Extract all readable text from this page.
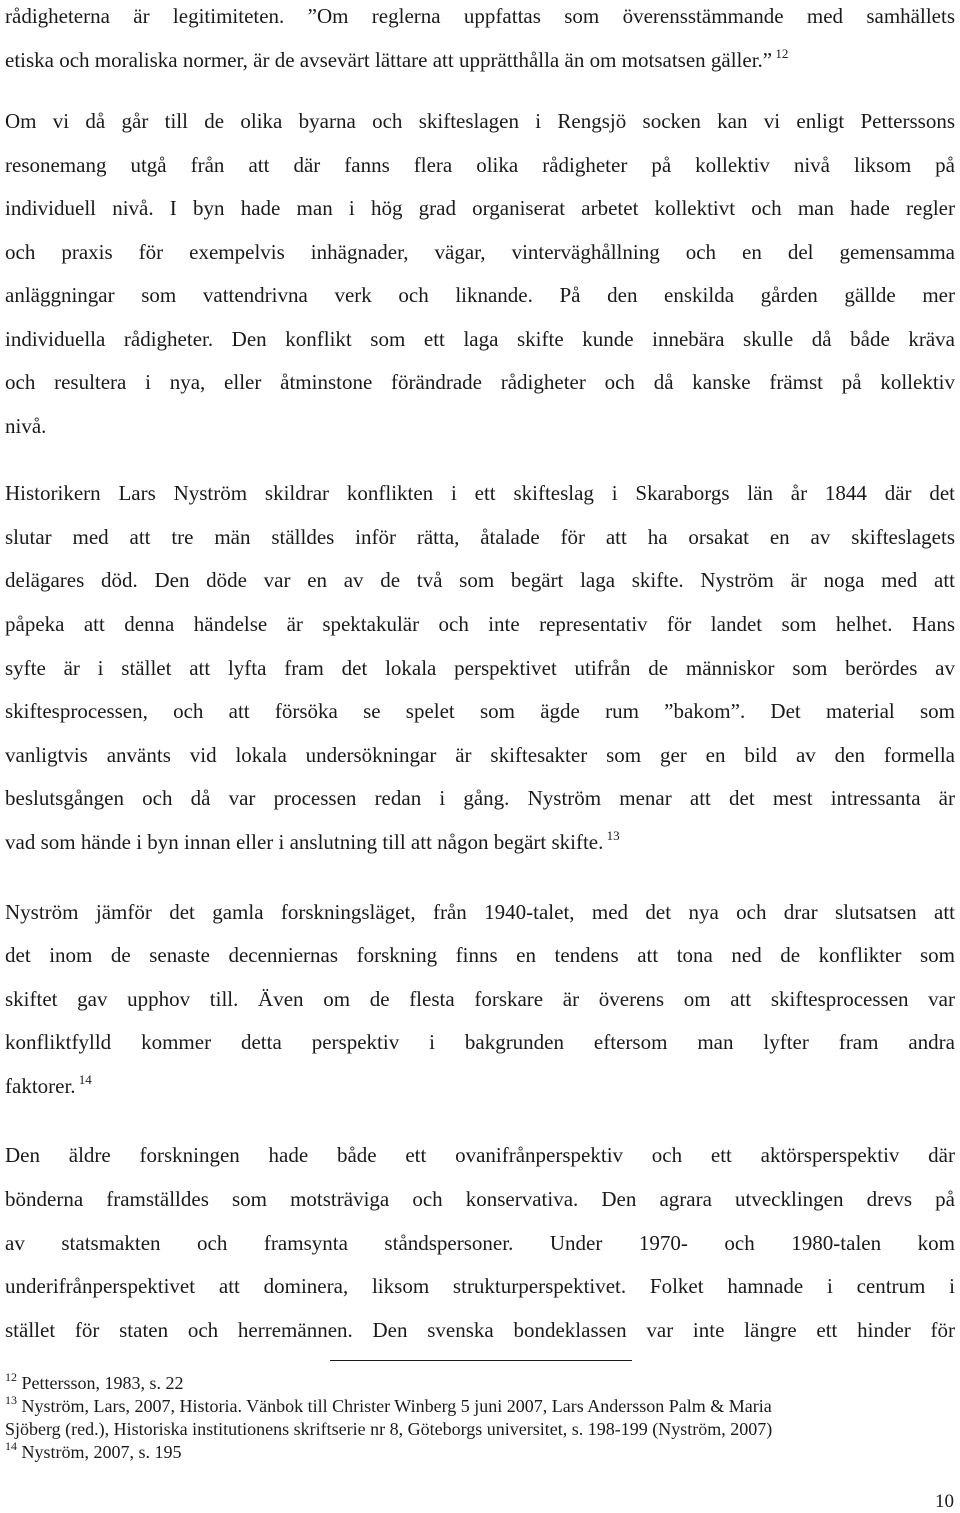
rådigheterna är legitimiteten. ”Om reglerna uppfattas som överensstämmande med samhällets
etiska och moraliska normer, är de avsevärt lättare att upprätthålla än om motsatsen gäller.” $^{12}$
Om vi då går till de olika byarna och skifteslagen i Rengsjö socken kan vi enligt Petterssons
resonemang utgå från att där fanns flera olika rådigheter på kollektiv nivå liksom på
individuell nivå. I byn hade man i hög grad organiserat arbetet kollektivt och man hade regler
och praxis för exempelvis inhägnader, vägar, vinterväghållning och en del gemensamma
anläggningar som vattendrivna verk och liknande. På den enskilda gården gällde mer
individuella rådigheter. Den konflikt som ett laga skifte kunde innebära skulle då både kräva
och resultera i nya, eller åtminstone förändrade rådigheter och då kanske främst på kollektiv
nivå.
Historikern Lars Nyström skildrar konflikten i ett skifteslag i Skaraborgs län år 1844 där det
slutar med att tre män ställdes inför rätta, åtalade för att ha orsakat en av skifteslagets
delägares död. Den döde var en av de två som begärt laga skifte. Nyström är noga med att
påpeka att denna händelse är spektakulär och inte representativ för landet som helhet. Hans
syfte är i stället att lyfta fram det lokala perspektivet utifrån de människor som berördes av
skiftesprocessen, och att försöka se spelet som ägde rum ”bakom”. Det material som
vanligtvis använts vid lokala undersökningar är skiftesakter som ger en bild av den formella
beslutsgången och då var processen redan i gång. Nyström menar att det mest intressanta är
vad som hände i byn innan eller i anslutning till att någon begärt skifte. $^{13}$
Nyström jämför det gamla forskningsläget, från 1940-talet, med det nya och drar slutsatsen att
det inom de senaste decenniernas forskning finns en tendens att tona ned de konflikter som
skiftet gav upphov till. Även om de flesta forskare är överens om att skiftesprocessen var
konfliktfylld kommer detta perspektiv i bakgrunden eftersom man lyfter fram andra
faktorer. $^{14}$
Den äldre forskningen hade både ett ovanifrånperspektiv och ett aktörsperspektiv där
bönderna framställdes som motsträviga och konservativa. Den agrara utvecklingen drevs på
av statsmakten och framsynta ståndspersoner. Under 1970- och 1980-talen kom
underifrånperspektivet att dominera, liksom strukturperspektivet. Folket hamnade i centrum i
stället för staten och herremännen. Den svenska bondeklassen var inte längre ett hinder för
$^{12}$ Pettersson, 1983, s. 22
$^{13}$ Nyström, Lars, 2007, Historia. Vänbok till Christer Winberg 5 juni 2007, Lars Andersson Palm & Maria
Sjöberg (red.), Historiska institutionens skriftserie nr 8, Göteborgs universitet, s. 198-199 (Nyström, 2007)
$^{14}$ Nyström, 2007, s. 195
10
